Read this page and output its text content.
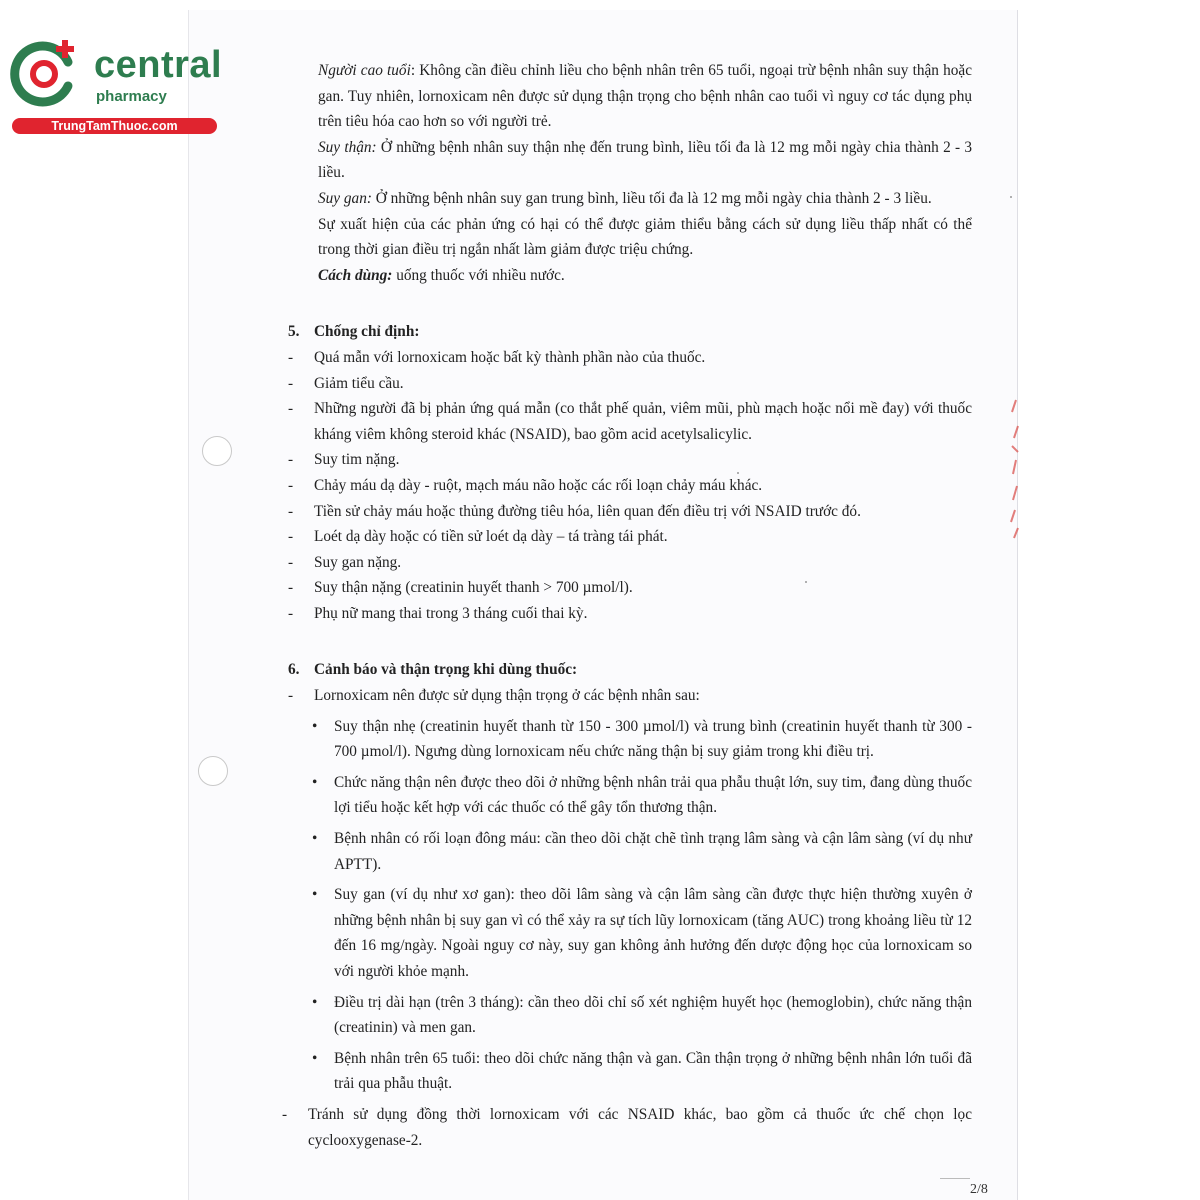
central
pharmacy
TrungTamThuoc.com

Người cao tuổi: Không cần điều chỉnh liều cho bệnh nhân trên 65 tuổi, ngoại trừ bệnh nhân suy thận hoặc gan. Tuy nhiên, lornoxicam nên được sử dụng thận trọng cho bệnh nhân cao tuổi vì nguy cơ tác dụng phụ trên tiêu hóa cao hơn so với người trẻ.

Suy thận: Ở những bệnh nhân suy thận nhẹ đến trung bình, liều tối đa là 12 mg mỗi ngày chia thành 2 - 3 liều.

Suy gan: Ở những bệnh nhân suy gan trung bình, liều tối đa là 12 mg mỗi ngày chia thành 2 - 3 liều.

Sự xuất hiện của các phản ứng có hại có thể được giảm thiểu bằng cách sử dụng liều thấp nhất có thể trong thời gian điều trị ngắn nhất làm giảm được triệu chứng.

Cách dùng: uống thuốc với nhiều nước.

5. Chống chỉ định:
- Quá mẫn với lornoxicam hoặc bất kỳ thành phần nào của thuốc.
- Giảm tiểu cầu.
- Những người đã bị phản ứng quá mẫn (co thắt phế quản, viêm mũi, phù mạch hoặc nổi mề đay) với thuốc kháng viêm không steroid khác (NSAID), bao gồm acid acetylsalicylic.
- Suy tim nặng.
- Chảy máu dạ dày - ruột, mạch máu não hoặc các rối loạn chảy máu khác.
- Tiền sử chảy máu hoặc thủng đường tiêu hóa, liên quan đến điều trị với NSAID trước đó.
- Loét dạ dày hoặc có tiền sử loét dạ dày – tá tràng tái phát.
- Suy gan nặng.
- Suy thận nặng (creatinin huyết thanh > 700 µmol/l).
- Phụ nữ mang thai trong 3 tháng cuối thai kỳ.
6. Cảnh báo và thận trọng khi dùng thuốc:
- Lornoxicam nên được sử dụng thận trọng ở các bệnh nhân sau:
• Suy thận nhẹ (creatinin huyết thanh từ 150 - 300 µmol/l) và trung bình (creatinin huyết thanh từ 300 - 700 µmol/l). Ngưng dùng lornoxicam nếu chức năng thận bị suy giảm trong khi điều trị.
• Chức năng thận nên được theo dõi ở những bệnh nhân trải qua phẫu thuật lớn, suy tim, đang dùng thuốc lợi tiểu hoặc kết hợp với các thuốc có thể gây tổn thương thận.
• Bệnh nhân có rối loạn đông máu: cần theo dõi chặt chẽ tình trạng lâm sàng và cận lâm sàng (ví dụ như APTT).
• Suy gan (ví dụ như xơ gan): theo dõi lâm sàng và cận lâm sàng cần được thực hiện thường xuyên ở những bệnh nhân bị suy gan vì có thể xảy ra sự tích lũy lornoxicam (tăng AUC) trong khoảng liều từ 12 đến 16 mg/ngày. Ngoài nguy cơ này, suy gan không ảnh hưởng đến dược động học của lornoxicam so với người khỏe mạnh.
• Điều trị dài hạn (trên 3 tháng): cần theo dõi chỉ số xét nghiệm huyết học (hemoglobin), chức năng thận (creatinin) và men gan.
• Bệnh nhân trên 65 tuổi: theo dõi chức năng thận và gan. Cần thận trọng ở những bệnh nhân lớn tuổi đã trải qua phẫu thuật.
- Tránh sử dụng đồng thời lornoxicam với các NSAID khác, bao gồm cả thuốc ức chế chọn lọc cyclooxygenase-2.
2/8
